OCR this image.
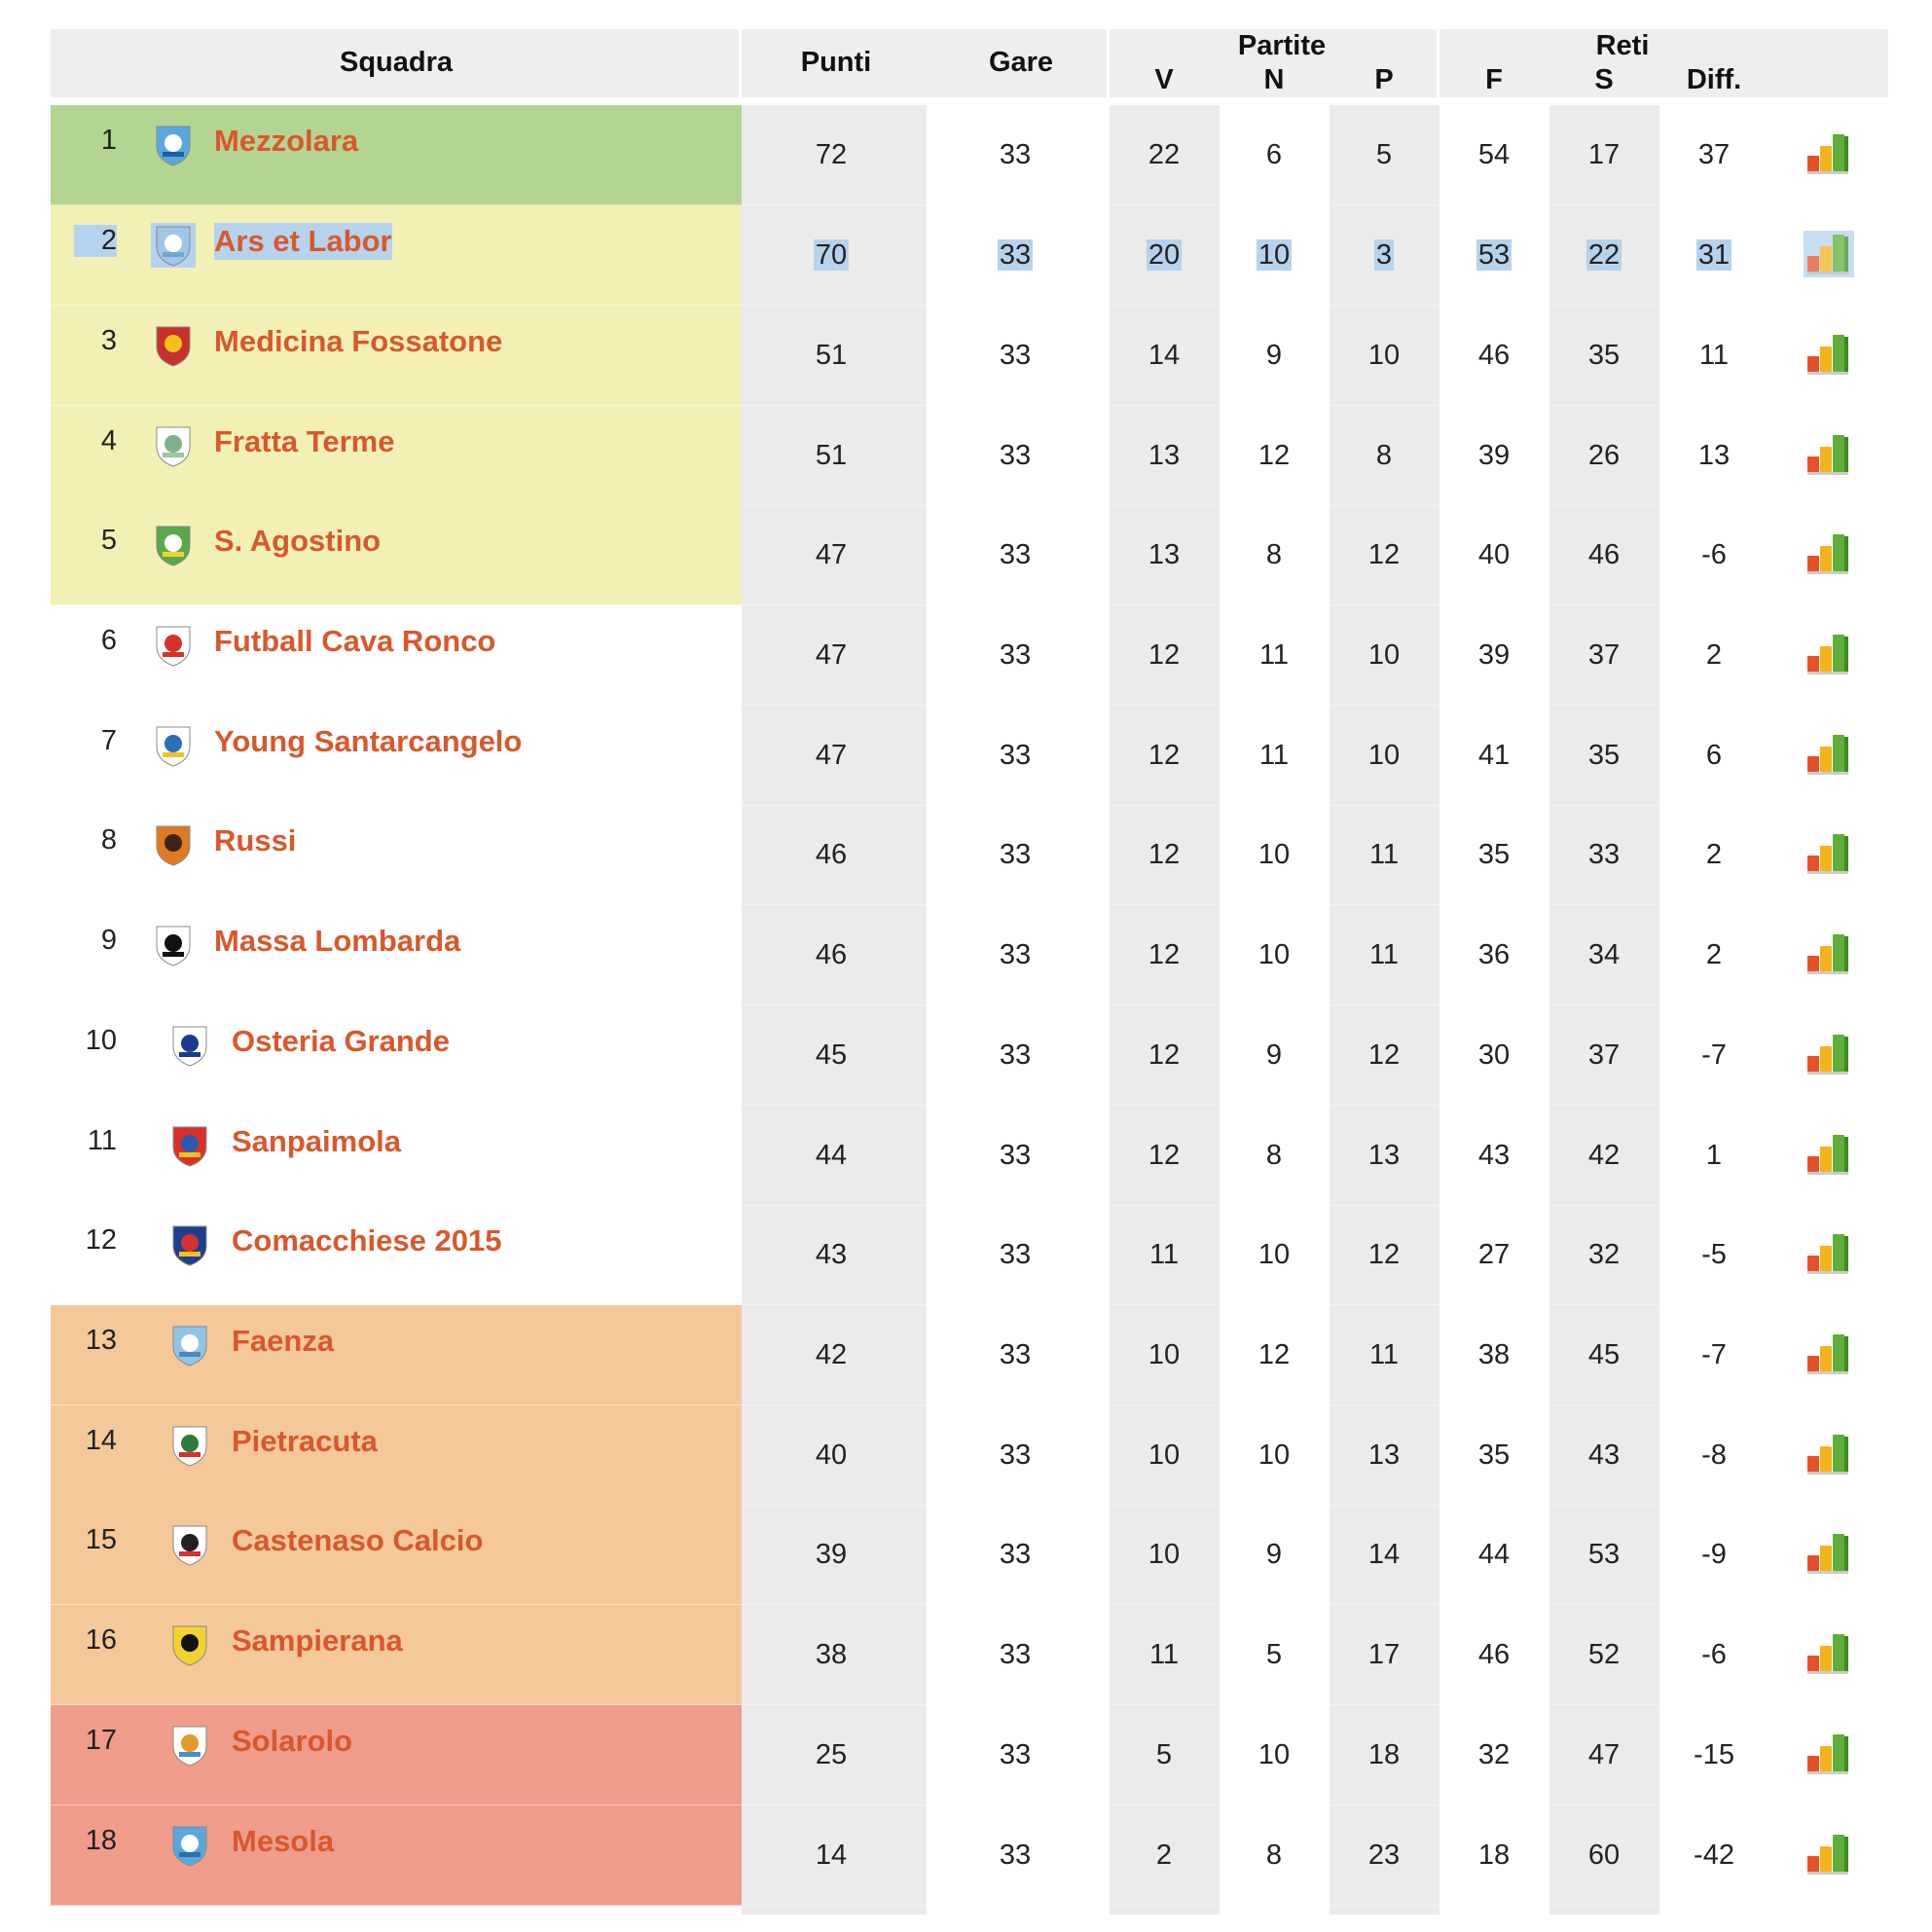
Squadra	Punti	Gare
Partite
V	N	P
Reti
F	S	Diff.
1	Mezzolara	72	33	22	6	5	54	17	37
2	Ars et Labor	70	33	20	10	3	53	22	31
3	Medicina Fossatone	51	33	14	9	10	46	35	11
4	Fratta Terme	51	33	13	12	8	39	26	13
5	S. Agostino	47	33	13	8	12	40	46	-6
6	Futball Cava Ronco	47	33	12	11	10	39	37	2
7	Young Santarcangelo	47	33	12	11	10	41	35	6
8	Russi	46	33	12	10	11	35	33	2
9	Massa Lombarda	46	33	12	10	11	36	34	2
10	Osteria Grande	45	33	12	9	12	30	37	-7
11	Sanpaimola	44	33	12	8	13	43	42	1
12	Comacchiese 2015	43	33	11	10	12	27	32	-5
13	Faenza	42	33	10	12	11	38	45	-7
14	Pietracuta	40	33	10	10	13	35	43	-8
15	Castenaso Calcio	39	33	10	9	14	44	53	-9
16	Sampierana	38	33	11	5	17	46	52	-6
17	Solarolo	25	33	5	10	18	32	47	-15
18	Mesola	14	33	2	8	23	18	60	-42
